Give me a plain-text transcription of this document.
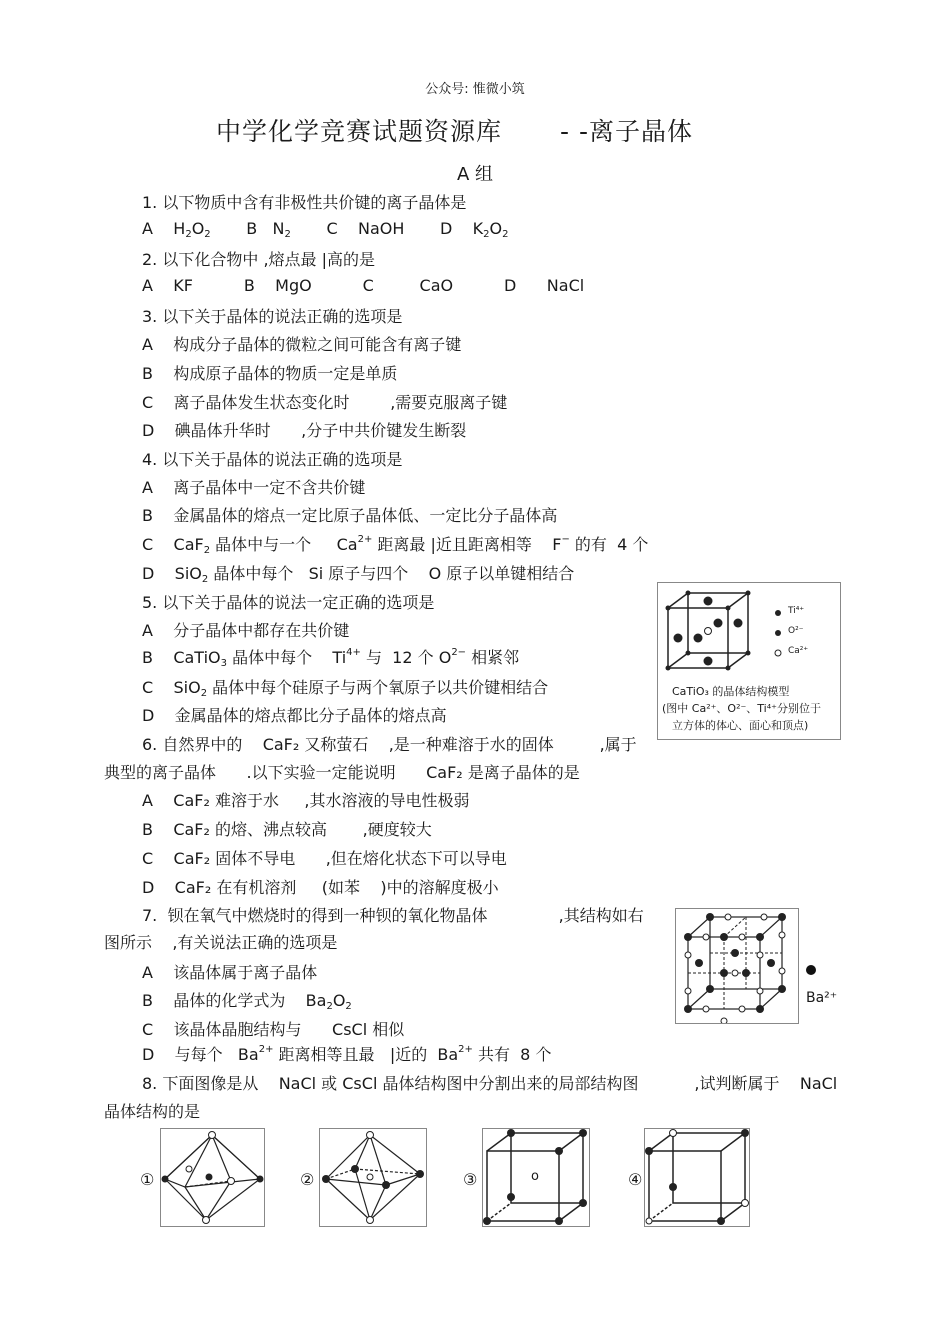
公众号: 惟微小筑
中学化学竞赛试题资源库 - -离子晶体
A 组
1. 以下物质中含有非极性共价键的离子晶体是
A    H2O2       B   N2       C    NaOH       D    K2O2
2. 以下化合物中 ,熔点最 |高的是
A    KF          B    MgO          C         CaO          D      NaCl
3. 以下关于晶体的说法正确的选项是
A    构成分子晶体的微粒之间可能含有离子键
B    构成原子晶体的物质一定是单质
C    离子晶体发生状态变化时        ,需要克服离子键
D    碘晶体升华时      ,分子中共价键发生断裂
4. 以下关于晶体的说法正确的选项是
A    离子晶体中一定不含共价键
B    金属晶体的熔点一定比原子晶体低、一定比分子晶体高
C    CaF2 晶体中与一个     $Ca^{2+}$ 距离最 |近且距离相等    F− 的有  4 个
D    SiO2 晶体中每个   Si 原子与四个    O 原子以单键相结合
5. 以下关于晶体的说法一定正确的选项是
A    分子晶体中都存在共价键
B    CaTiO3 晶体中每个    $Ti^{4+}$ 与  12 个 $O^{2-}$ 相紧邻
C    SiO2 晶体中每个硅原子与两个氧原子以共价键相结合
D    金属晶体的熔点都比分子晶体的熔点高
Ti⁴⁺
O²⁻
Ca²⁺
CaTiO₃ 的晶体结构模型
(图中 Ca²⁺、O²⁻、Ti⁴⁺分别位于
立方体的体心、面心和顶点)
6. 自然界中的    CaF₂ 又称萤石    ,是一种难溶于水的固体         ,属于
典型的离子晶体      .以下实验一定能说明      CaF₂ 是离子晶体的是
A    CaF₂ 难溶于水     ,其水溶液的导电性极弱
B    CaF₂ 的熔、沸点较高       ,硬度较大
C    CaF₂ 固体不导电      ,但在熔化状态下可以导电
D    CaF₂ 在有机溶剂     (如苯    )中的溶解度极小
7.  钡在氧气中燃烧时的得到一种钡的氧化物晶体              ,其结构如右
图所示    ,有关说法正确的选项是
A    该晶体属于离子晶体
B    晶体的化学式为    Ba2O2
C    该晶体晶胞结构与      CsCl 相似
D    与每个   $Ba^{2+}$ 距离相等且最   |近的  $Ba^{2+}$ 共有  8 个
Ba²⁺
8. 下面图像是从    NaCl 或 CsCl 晶体结构图中分割出来的局部结构图           ,试判断属于    NaCl
晶体结构的是
①	②	③	o	④
